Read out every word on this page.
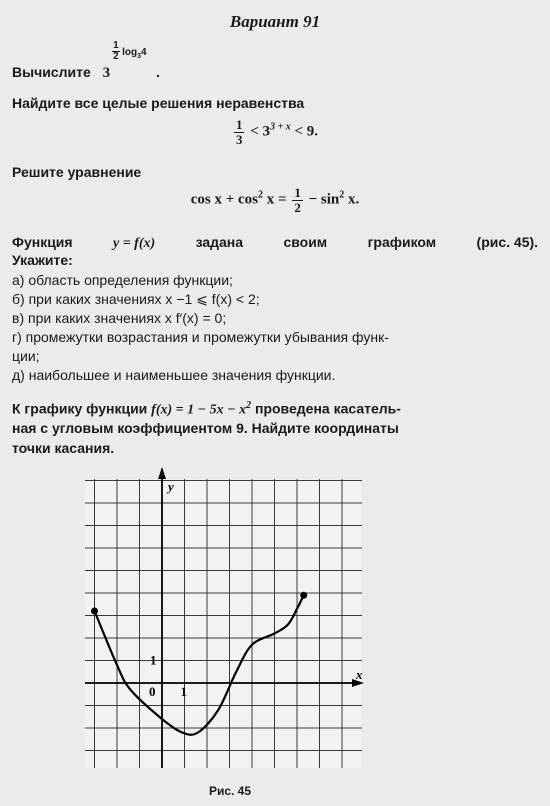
Вариант 91
Вычислите 3
$\frac{1}{2} \log_34$
.
Найдите все целые решения неравенства
$\frac{1}{3} < 3^{3 + x} < 9$.
Решите уравнение
$\cos x + \cos^2 x = \frac{1}{2} - \sin^2 x$.
Функция	y = f(x)	задана	своим	графиком	(рис. 45).
Укажите:
а) область определения функции;
б) при каких значениях x −1 ⩽ f(x) < 2;
в) при каких значениях x f′(x) = 0;
г) промежутки возрастания и промежутки убывания функ-
ции;
д) наибольшее и наименьшее значения функции.
К графику функции $f(x) = 1 - 5x - x^2$ проведена касатель-
ная с угловым коэффициентом 9. Найдите координаты
точки касания.
y
x
0 1
1
Рис. 45
